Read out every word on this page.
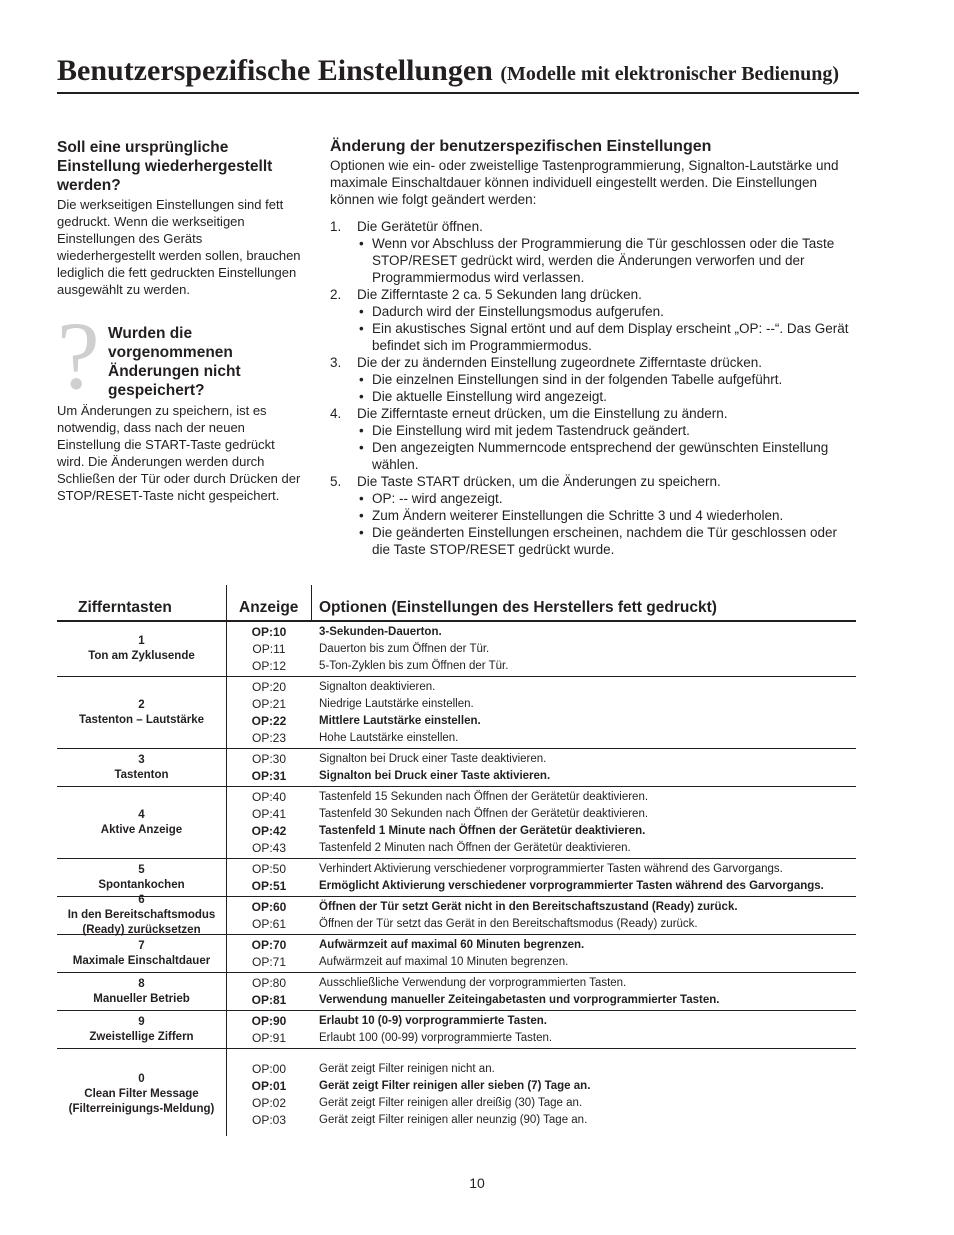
Benutzerspezifische Einstellungen (Modelle mit elektronischer Bedienung)
Soll eine ursprüngliche Einstellung wiederhergestellt werden?

Die werkseitigen Einstellungen sind fett gedruckt. Wenn die werkseitigen Einstellungen des Geräts wiederhergestellt werden sollen, brauchen lediglich die fett gedruckten Einstellungen ausgewählt zu werden.

? Wurden die vorgenommenen Änderungen nicht gespeichert?

Um Änderungen zu speichern, ist es notwendig, dass nach der neuen Einstellung die START-Taste gedrückt wird. Die Änderungen werden durch Schließen der Tür oder durch Drücken der STOP/RESET-Taste nicht gespeichert.

Änderung der benutzerspezifischen Einstellungen

Optionen wie ein- oder zweistellige Tastenprogrammierung, Signalton-Lautstärke und maximale Einschaltdauer können individuell eingestellt werden. Die Einstellungen können wie folgt geändert werden:

1. Die Gerätetür öffnen.
• Wenn vor Abschluss der Programmierung die Tür geschlossen oder die Taste STOP/RESET gedrückt wird, werden die Änderungen verworfen und der Programmiermodus wird verlassen.
2. Die Zifferntaste 2 ca. 5 Sekunden lang drücken.
• Dadurch wird der Einstellungsmodus aufgerufen.
• Ein akustisches Signal ertönt und auf dem Display erscheint „OP: --“. Das Gerät befindet sich im Programmiermodus.
3. Die der zu ändernden Einstellung zugeordnete Zifferntaste drücken.
• Die einzelnen Einstellungen sind in der folgenden Tabelle aufgeführt.
• Die aktuelle Einstellung wird angezeigt.
4. Die Zifferntaste erneut drücken, um die Einstellung zu ändern.
• Die Einstellung wird mit jedem Tastendruck geändert.
• Den angezeigten Nummerncode entsprechend der gewünschten Einstellung wählen.
5. Die Taste START drücken, um die Änderungen zu speichern.
• OP: -- wird angezeigt.
• Zum Ändern weiterer Einstellungen die Schritte 3 und 4 wiederholen.
• Die geänderten Einstellungen erscheinen, nachdem die Tür geschlossen oder die Taste STOP/RESET gedrückt wurde.
Zifferntasten	Anzeige Optionen (Einstellungen des Herstellers fett gedruckt)
1
Ton am Zyklusende
OP:10
OP:11
OP:12
3-Sekunden-Dauerton.
Dauerton bis zum Öffnen der Tür.
5-Ton-Zyklen bis zum Öffnen der Tür.
2
Tastenton – Lautstärke
OP:20
OP:21
OP:22
OP:23
Signalton deaktivieren.
Niedrige Lautstärke einstellen.
Mittlere Lautstärke einstellen.
Hohe Lautstärke einstellen.
3
Tastenton
OP:30
OP:31
Signalton bei Druck einer Taste deaktivieren.
Signalton bei Druck einer Taste aktivieren.
4
Aktive Anzeige
OP:40
OP:41
OP:42
OP:43
Tastenfeld 15 Sekunden nach Öffnen der Gerätetür deaktivieren.
Tastenfeld 30 Sekunden nach Öffnen der Gerätetür deaktivieren.
Tastenfeld 1 Minute nach Öffnen der Gerätetür deaktivieren.
Tastenfeld 2 Minuten nach Öffnen der Gerätetür deaktivieren.
5
Spontankochen
OP:50
OP:51
Verhindert Aktivierung verschiedener vorprogrammierter Tasten während des Garvorgangs.
Ermöglicht Aktivierung verschiedener vorprogrammierter Tasten während des Garvorgangs.
6
In den Bereitschaftsmodus (Ready) zurücksetzen
OP:60
OP:61
Öffnen der Tür setzt Gerät nicht in den Bereitschaftszustand (Ready) zurück.
Öffnen der Tür setzt das Gerät in den Bereitschaftsmodus (Ready) zurück.
7
Maximale Einschaltdauer
OP:70
OP:71
Aufwärmzeit auf maximal 60 Minuten begrenzen.
Aufwärmzeit auf maximal 10 Minuten begrenzen.
8
Manueller Betrieb
OP:80
OP:81
Ausschließliche Verwendung der vorprogrammierten Tasten.
Verwendung manueller Zeiteingabetasten und vorprogrammierter Tasten.
9
Zweistellige Ziffern
OP:90
OP:91
Erlaubt 10 (0-9) vorprogrammierte Tasten.
Erlaubt 100 (00-99) vorprogrammierte Tasten.
0
Clean Filter Message (Filterreinigungs-Meldung)
OP:00
OP:01
OP:02
OP:03
Gerät zeigt Filter reinigen nicht an.
Gerät zeigt Filter reinigen aller sieben (7) Tage an.
Gerät zeigt Filter reinigen aller dreißig (30) Tage an.
Gerät zeigt Filter reinigen aller neunzig (90) Tage an.
10
